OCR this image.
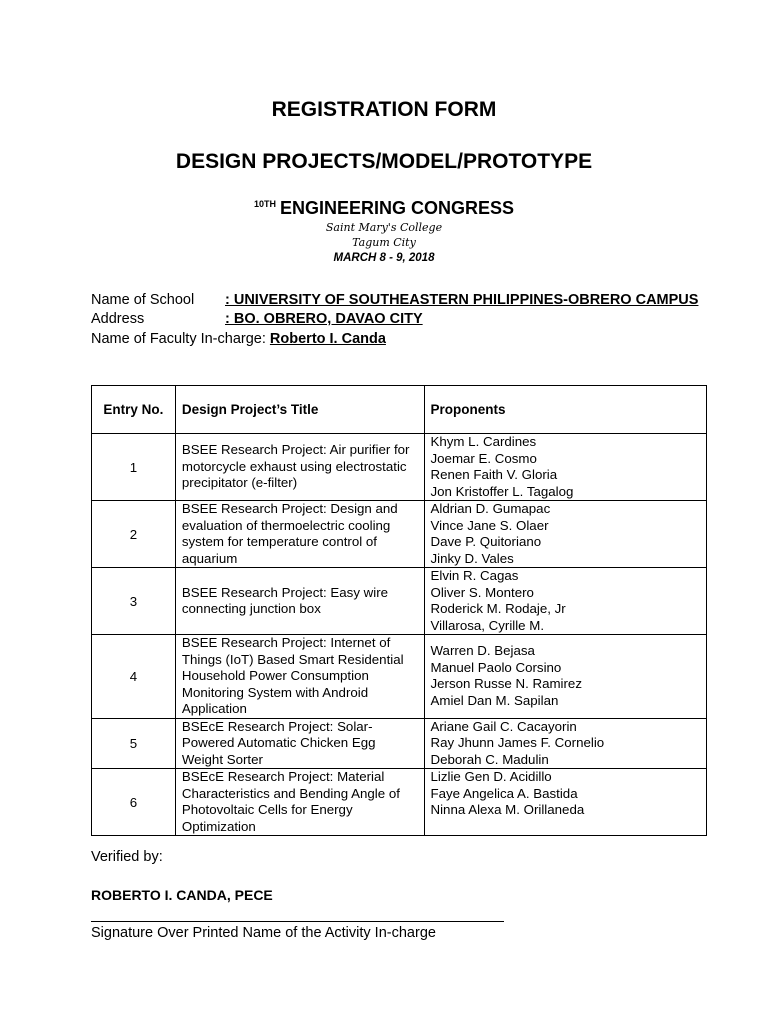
REGISTRATION FORM
DESIGN PROJECTS/MODEL/PROTOTYPE
$^{10TH}$ ENGINEERING CONGRESS
Saint Mary's College
Tagum City
MARCH 8 - 9, 2018
Name of School : UNIVERSITY OF SOUTHEASTERN PHILIPPINES-OBRERO CAMPUS
Address	: BO. OBRERO, DAVAO CITY
Name of Faculty In-charge: Roberto I. Canda
Entry No.	Design Project’s Title	Proponents
1	BSEE Research Project: Air purifier for motorcycle exhaust using electrostatic precipitator (e-filter)	Khym L. Cardines
Joemar E. Cosmo
Renen Faith V. Gloria
Jon Kristoffer L. Tagalog

2	BSEE Research Project: Design and evaluation of thermoelectric cooling system for temperature control of aquarium	Aldrian D. Gumapac
Vince Jane S. Olaer
Dave P. Quitoriano
Jinky D. Vales

3	BSEE Research Project: Easy wire connecting junction box	Elvin R. Cagas
Oliver S. Montero
Roderick M. Rodaje, Jr
Villarosa, Cyrille M.

4	BSEE Research Project: Internet of Things (IoT) Based Smart Residential Household Power Consumption Monitoring System with Android Application	Warren D. Bejasa
Manuel Paolo Corsino
Jerson Russe N. Ramirez
Amiel Dan M. Sapilan

5	BSEcE Research Project: Solar-Powered Automatic Chicken Egg Weight Sorter	Ariane Gail C. Cacayorin
Ray Jhunn James F. Cornelio
Deborah C. Madulin

6	BSEcE Research Project: Material Characteristics and Bending Angle of Photovoltaic Cells for Energy Optimization	Lizlie Gen D. Acidillo
Faye Angelica A. Bastida
Ninna Alexa M. Orillaneda
Verified by:
ROBERTO I. CANDA, PECE
Signature Over Printed Name of the Activity In-charge
